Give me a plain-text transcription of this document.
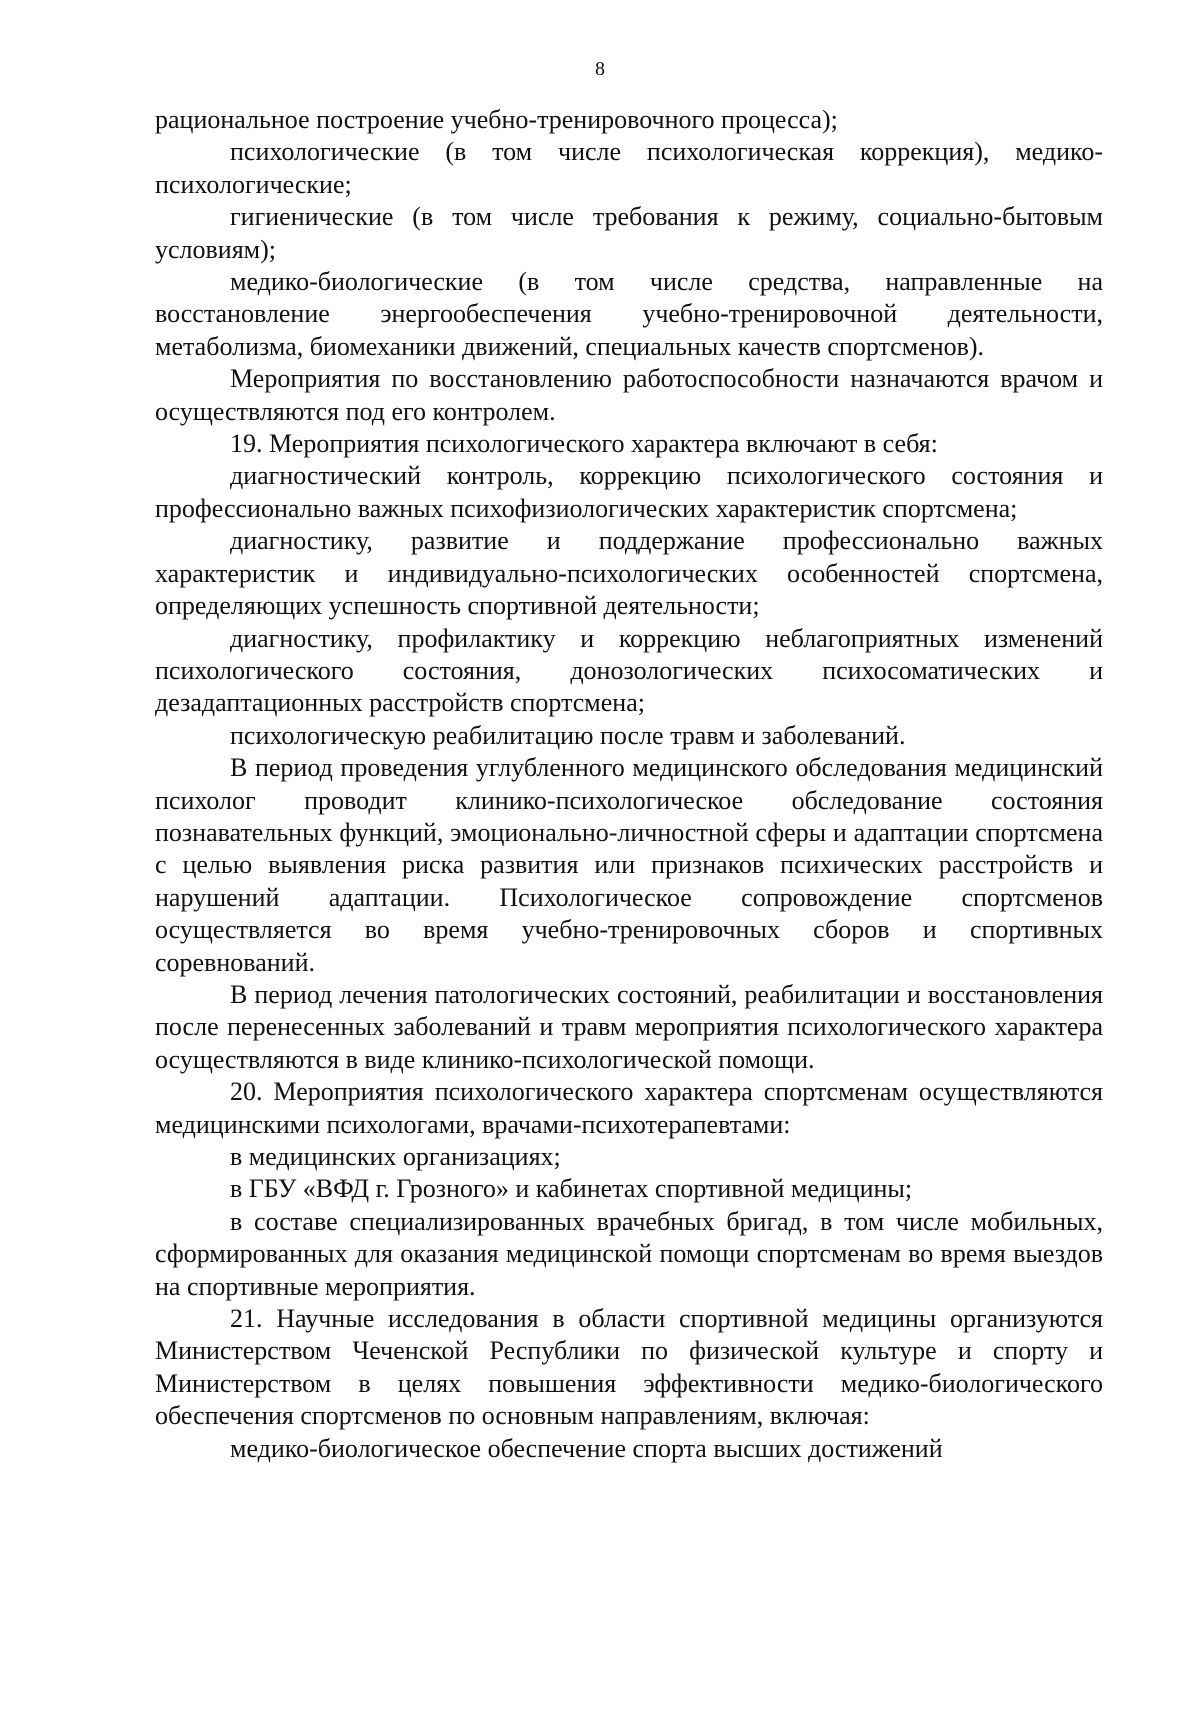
8

рациональное построение учебно-тренировочного процесса);

психологические (в том числе психологическая коррекция), медико-психологические;

гигиенические (в том числе требования к режиму, социально-бытовым условиям);

медико-биологические (в том числе средства, направленные на восстановление энергообеспечения учебно-тренировочной деятельности, метаболизма, биомеханики движений, специальных качеств спортсменов).

Мероприятия по восстановлению работоспособности назначаются врачом и осуществляются под его контролем.

19. Мероприятия психологического характера включают в себя:

диагностический контроль, коррекцию психологического состояния и профессионально важных психофизиологических характеристик спортсмена;

диагностику, развитие и поддержание профессионально важных характеристик и индивидуально-психологических особенностей спортсмена, определяющих успешность спортивной деятельности;

диагностику, профилактику и коррекцию неблагоприятных изменений психологического состояния, донозологических психосоматических и дезадаптационных расстройств спортсмена;

психологическую реабилитацию после травм и заболеваний.

В период проведения углубленного медицинского обследования медицинский психолог проводит клинико-психологическое обследование состояния познавательных функций, эмоционально-личностной сферы и адаптации спортсмена с целью выявления риска развития или признаков психических расстройств и нарушений адаптации. Психологическое сопровождение спортсменов осуществляется во время учебно-тренировочных сборов и спортивных соревнований.

В период лечения патологических состояний, реабилитации и восстановления после перенесенных заболеваний и травм мероприятия психологического характера осуществляются в виде клинико-психологической помощи.

20. Мероприятия психологического характера спортсменам осуществляются медицинскими психологами, врачами-психотерапевтами:

в медицинских организациях;

в ГБУ «ВФД г. Грозного» и кабинетах спортивной медицины;

в составе специализированных врачебных бригад, в том числе мобильных, сформированных для оказания медицинской помощи спортсменам во время выездов на спортивные мероприятия.

21. Научные исследования в области спортивной медицины организуются Министерством Чеченской Республики по физической культуре и спорту и Министерством в целях повышения эффективности медико-биологического обеспечения спортсменов по основным направлениям, включая:

медико-биологическое обеспечение спорта высших достижений
